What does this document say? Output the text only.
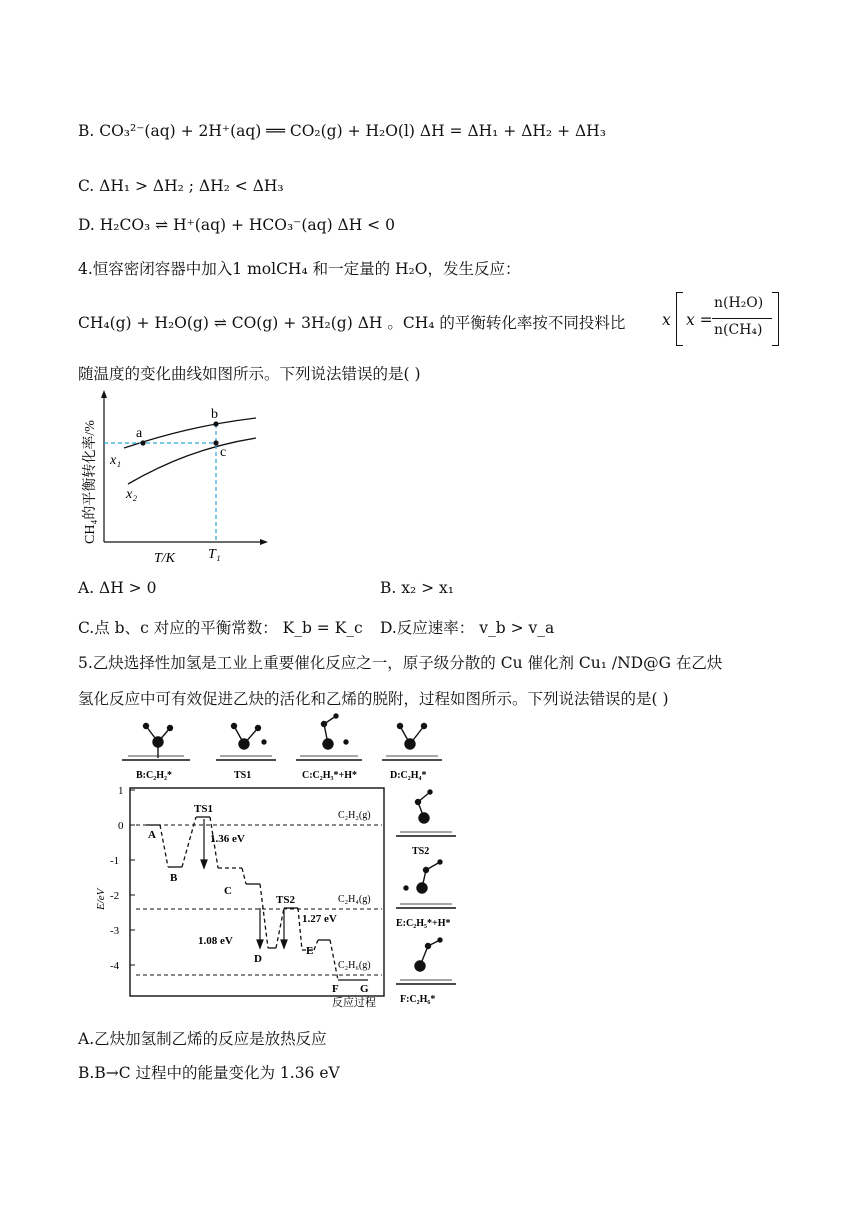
B. CO₃²⁻(aq) + 2H⁺(aq) ══ CO₂(g) + H₂O(l) ΔH = ΔH₁ + ΔH₂ + ΔH₃
C. ΔH₁ > ΔH₂ ; ΔH₂ < ΔH₃
D. H₂CO₃ ⇌ H⁺(aq) + HCO₃⁻(aq) ΔH < 0
4.恒容密闭容器中加入1 molCH₄ 和一定量的 H₂O，发生反应：
CH₄(g) + H₂O(g) ⇌ CO(g) + 3H₂(g) ΔH 。CH₄ 的平衡转化率按不同投料比 x x =
n(H₂O)
n(CH₄)
随温度的变化曲线如图所示。下列说法错误的是( )
a
b
c
x₁
x₂
T/K T₁
CH₄的平衡转化率/%
A. ΔH > 0	B. x₂ > x₁
C.点 b、c 对应的平衡常数： K_b = K_c D.反应速率： v_b > v_a
5.乙炔选择性加氢是工业上重要催化反应之一，原子级分散的 Cu 催化剂 Cu₁ /ND@G 在乙炔
氢化反应中可有效促进乙炔的活化和乙烯的脱附，过程如图所示。下列说法错误的是( )
B:C₂H₂*	TS1	C:C₂H₃*+H*	D:C₂H₄*
1
0
-1
-2
-3
-4
E/eV
C₂H₂(g)
C₂H₄(g)
C₂H₆(g)
TS1
TS2
1.36 eV
1.27 eV
1.08 eV
A
B
C
D
E
F G
反应过程
TS2
E:C₂H₅*+H*
F:C₂H₆*
A.乙炔加氢制乙烯的反应是放热反应
B.B→C 过程中的能量变化为 1.36 eV
